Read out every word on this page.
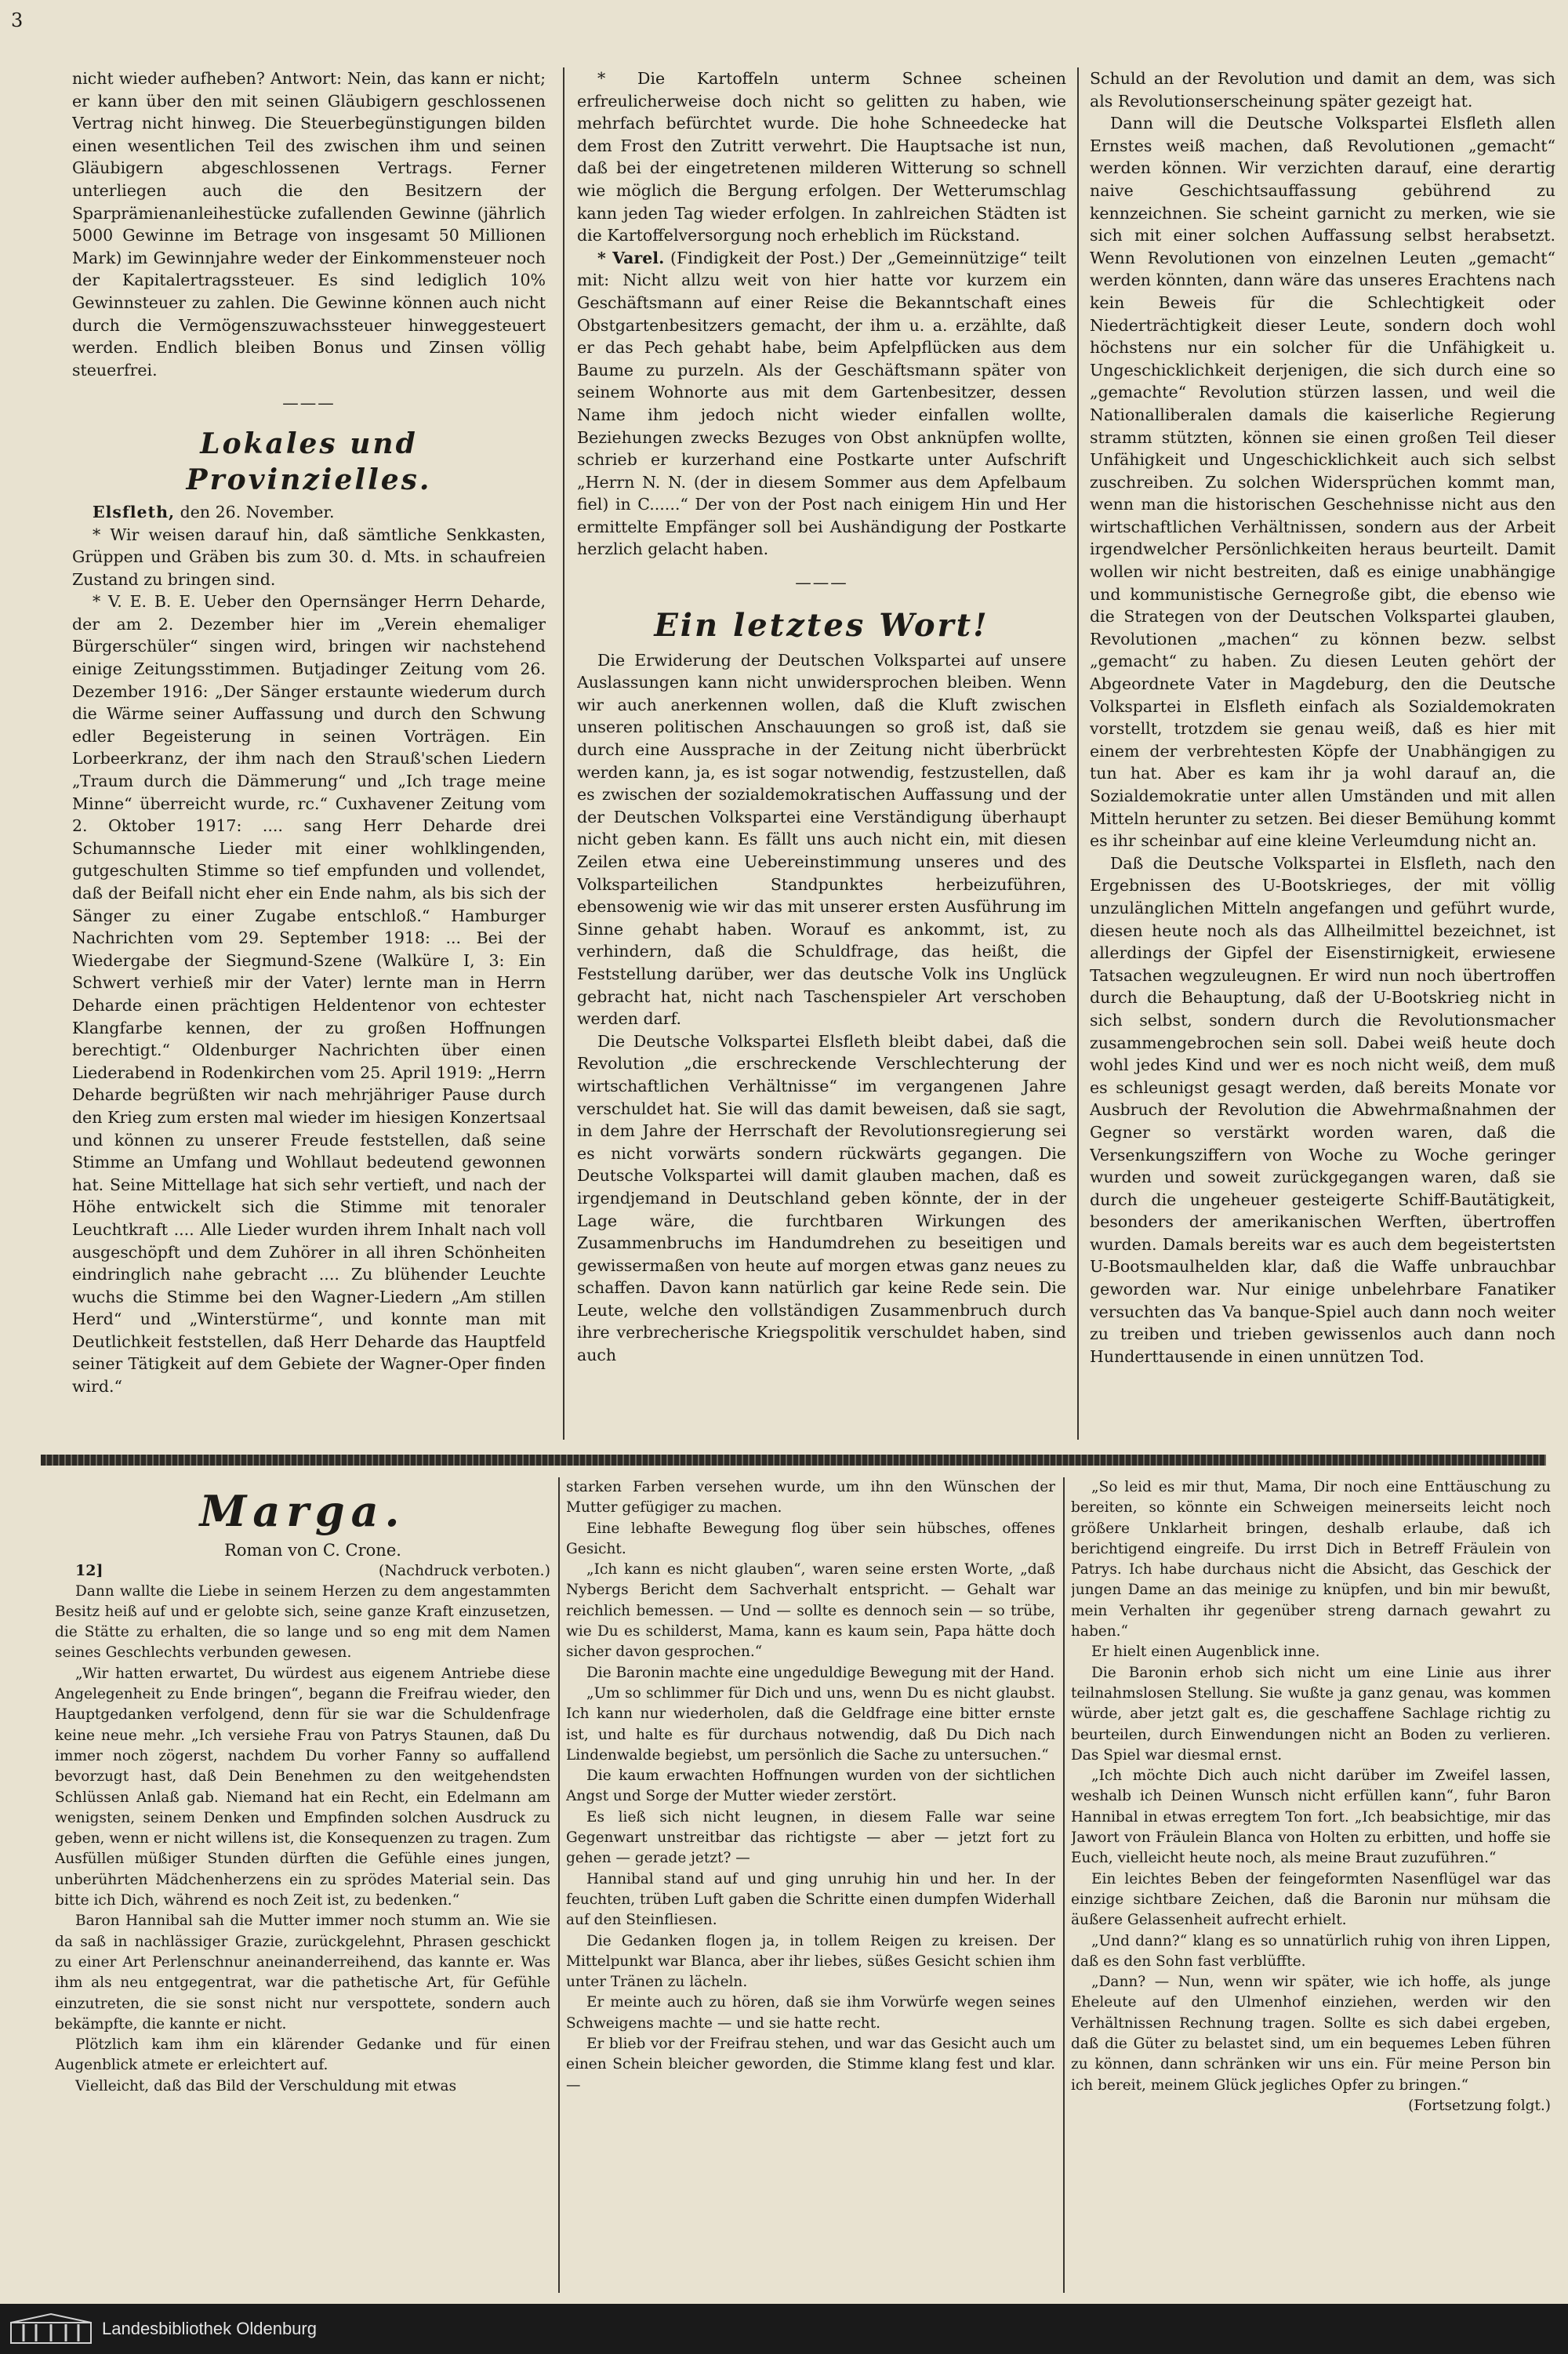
3

nicht wieder aufheben? Antwort: Nein, das kann er nicht; er kann über den mit seinen Gläubigern geschlossenen Vertrag nicht hinweg. Die Steuerbegünstigungen bilden einen wesentlichen Teil des zwischen ihm und seinen Gläubigern abgeschlossenen Vertrags. Ferner unterliegen auch die den Besitzern der Sparprämienanleihestücke zufallenden Gewinne (jährlich 5000 Gewinne im Betrage von insgesamt 50 Millionen Mark) im Gewinnjahre weder der Einkommensteuer noch der Kapitalertragssteuer. Es sind lediglich 10% Gewinnsteuer zu zahlen. Die Gewinne können auch nicht durch die Vermögenszuwachssteuer hinweggesteuert werden. Endlich bleiben Bonus und Zinsen völlig steuerfrei.

———
Lokales und Provinzielles.

Elsfleth, den 26. November.

* Wir weisen darauf hin, daß sämtliche Senkkasten, Grüppen und Gräben bis zum 30. d. Mts. in schaufreien Zustand zu bringen sind.

* V. E. B. E. Ueber den Opernsänger Herrn Deharde, der am 2. Dezember hier im „Verein ehemaliger Bürgerschüler“ singen wird, bringen wir nachstehend einige Zeitungsstimmen. Butjadinger Zeitung vom 26. Dezember 1916: „Der Sänger erstaunte wiederum durch die Wärme seiner Auffassung und durch den Schwung edler Begeisterung in seinen Vorträgen. Ein Lorbeerkranz, der ihm nach den Strauß'schen Liedern „Traum durch die Dämmerung“ und „Ich trage meine Minne“ überreicht wurde, rc.“ Cuxhavener Zeitung vom 2. Oktober 1917: .... sang Herr Deharde drei Schumannsche Lieder mit einer wohlklingenden, gutgeschulten Stimme so tief empfunden und vollendet, daß der Beifall nicht eher ein Ende nahm, als bis sich der Sänger zu einer Zugabe entschloß.“ Hamburger Nachrichten vom 29. September 1918: ... Bei der Wiedergabe der Siegmund-Szene (Walküre I, 3: Ein Schwert verhieß mir der Vater) lernte man in Herrn Deharde einen prächtigen Heldentenor von echtester Klangfarbe kennen, der zu großen Hoffnungen berechtigt.“ Oldenburger Nachrichten über einen Liederabend in Rodenkirchen vom 25. April 1919: „Herrn Deharde begrüßten wir nach mehrjähriger Pause durch den Krieg zum ersten mal wieder im hiesigen Konzertsaal und können zu unserer Freude feststellen, daß seine Stimme an Umfang und Wohllaut bedeutend gewonnen hat. Seine Mittellage hat sich sehr vertieft, und nach der Höhe entwickelt sich die Stimme mit tenoraler Leuchtkraft .... Alle Lieder wurden ihrem Inhalt nach voll ausgeschöpft und dem Zuhörer in all ihren Schönheiten eindringlich nahe gebracht .... Zu blühender Leuchte wuchs die Stimme bei den Wagner-Liedern „Am stillen Herd“ und „Winterstürme“, und konnte man mit Deutlichkeit feststellen, daß Herr Deharde das Hauptfeld seiner Tätigkeit auf dem Gebiete der Wagner-Oper finden wird.“

* Die Kartoffeln unterm Schnee scheinen erfreulicherweise doch nicht so gelitten zu haben, wie mehrfach befürchtet wurde. Die hohe Schneedecke hat dem Frost den Zutritt verwehrt. Die Hauptsache ist nun, daß bei der eingetretenen milderen Witterung so schnell wie möglich die Bergung erfolgen. Der Wetterumschlag kann jeden Tag wieder erfolgen. In zahlreichen Städten ist die Kartoffelversorgung noch erheblich im Rückstand.

* Varel. (Findigkeit der Post.) Der „Gemeinnützige“ teilt mit: Nicht allzu weit von hier hatte vor kurzem ein Geschäftsmann auf einer Reise die Bekanntschaft eines Obstgartenbesitzers gemacht, der ihm u. a. erzählte, daß er das Pech gehabt habe, beim Apfelpflücken aus dem Baume zu purzeln. Als der Geschäftsmann später von seinem Wohnorte aus mit dem Gartenbesitzer, dessen Name ihm jedoch nicht wieder einfallen wollte, Beziehungen zwecks Bezuges von Obst anknüpfen wollte, schrieb er kurzerhand eine Postkarte unter Aufschrift „Herrn N. N. (der in diesem Sommer aus dem Apfelbaum fiel) in C......“ Der von der Post nach einigem Hin und Her ermittelte Empfänger soll bei Aushändigung der Postkarte herzlich gelacht haben.

———
Ein letztes Wort!

Die Erwiderung der Deutschen Volkspartei auf unsere Auslassungen kann nicht unwidersprochen bleiben. Wenn wir auch anerkennen wollen, daß die Kluft zwischen unseren politischen Anschauungen so groß ist, daß sie durch eine Aussprache in der Zeitung nicht überbrückt werden kann, ja, es ist sogar notwendig, festzustellen, daß es zwischen der sozialdemokratischen Auffassung und der der Deutschen Volkspartei eine Verständigung überhaupt nicht geben kann. Es fällt uns auch nicht ein, mit diesen Zeilen etwa eine Uebereinstimmung unseres und des Volksparteilichen Standpunktes herbeizuführen, ebensowenig wie wir das mit unserer ersten Ausführung im Sinne gehabt haben. Worauf es ankommt, ist, zu verhindern, daß die Schuldfrage, das heißt, die Feststellung darüber, wer das deutsche Volk ins Unglück gebracht hat, nicht nach Taschenspieler Art verschoben werden darf.

Die Deutsche Volkspartei Elsfleth bleibt dabei, daß die Revolution „die erschreckende Verschlechterung der wirtschaftlichen Verhältnisse“ im vergangenen Jahre verschuldet hat. Sie will das damit beweisen, daß sie sagt, in dem Jahre der Herrschaft der Revolutionsregierung sei es nicht vorwärts sondern rückwärts gegangen. Die Deutsche Volkspartei will damit glauben machen, daß es irgendjemand in Deutschland geben könnte, der in der Lage wäre, die furchtbaren Wirkungen des Zusammenbruchs im Handumdrehen zu beseitigen und gewissermaßen von heute auf morgen etwas ganz neues zu schaffen. Davon kann natürlich gar keine Rede sein. Die Leute, welche den vollständigen Zusammenbruch durch ihre verbrecherische Kriegspolitik verschuldet haben, sind auch

Schuld an der Revolution und damit an dem, was sich als Revolutionserscheinung später gezeigt hat.

Dann will die Deutsche Volkspartei Elsfleth allen Ernstes weiß machen, daß Revolutionen „gemacht“ werden können. Wir verzichten darauf, eine derartig naive Geschichtsauffassung gebührend zu kennzeichnen. Sie scheint garnicht zu merken, wie sie sich mit einer solchen Auffassung selbst herabsetzt. Wenn Revolutionen von einzelnen Leuten „gemacht“ werden könnten, dann wäre das unseres Erachtens nach kein Beweis für die Schlechtigkeit oder Niederträchtigkeit dieser Leute, sondern doch wohl höchstens nur ein solcher für die Unfähigkeit u. Ungeschicklichkeit derjenigen, die sich durch eine so „gemachte“ Revolution stürzen lassen, und weil die Nationalliberalen damals die kaiserliche Regierung stramm stützten, können sie einen großen Teil dieser Unfähigkeit und Ungeschicklichkeit auch sich selbst zuschreiben. Zu solchen Widersprüchen kommt man, wenn man die historischen Geschehnisse nicht aus den wirtschaftlichen Verhältnissen, sondern aus der Arbeit irgendwelcher Persönlichkeiten heraus beurteilt. Damit wollen wir nicht bestreiten, daß es einige unabhängige und kommunistische Gernegroße gibt, die ebenso wie die Strategen von der Deutschen Volkspartei glauben, Revolutionen „machen“ zu können bezw. selbst „gemacht“ zu haben. Zu diesen Leuten gehört der Abgeordnete Vater in Magdeburg, den die Deutsche Volkspartei in Elsfleth einfach als Sozialdemokraten vorstellt, trotzdem sie genau weiß, daß es hier mit einem der verbrehtesten Köpfe der Unabhängigen zu tun hat. Aber es kam ihr ja wohl darauf an, die Sozialdemokratie unter allen Umständen und mit allen Mitteln herunter zu setzen. Bei dieser Bemühung kommt es ihr scheinbar auf eine kleine Verleumdung nicht an.

Daß die Deutsche Volkspartei in Elsfleth, nach den Ergebnissen des U-Bootskrieges, der mit völlig unzulänglichen Mitteln angefangen und geführt wurde, diesen heute noch als das Allheilmittel bezeichnet, ist allerdings der Gipfel der Eisenstirnigkeit, erwiesene Tatsachen wegzuleugnen. Er wird nun noch übertroffen durch die Behauptung, daß der U-Bootskrieg nicht in sich selbst, sondern durch die Revolutionsmacher zusammengebrochen sein soll. Dabei weiß heute doch wohl jedes Kind und wer es noch nicht weiß, dem muß es schleunigst gesagt werden, daß bereits Monate vor Ausbruch der Revolution die Abwehrmaßnahmen der Gegner so verstärkt worden waren, daß die Versenkungsziffern von Woche zu Woche geringer wurden und soweit zurückgegangen waren, daß sie durch die ungeheuer gesteigerte Schiff-Bautätigkeit, besonders der amerikanischen Werften, übertroffen wurden. Damals bereits war es auch dem begeistertsten U-Bootsmaulhelden klar, daß die Waffe unbrauchbar geworden war. Nur einige unbelehrbare Fanatiker versuchten das Va banque-Spiel auch dann noch weiter zu treiben und trieben gewissenlos auch dann noch Hunderttausende in einen unnützen Tod.

Marga.

Roman von C. Crone.

12]	(Nachdruck verboten.)

Dann wallte die Liebe in seinem Herzen zu dem angestammten Besitz heiß auf und er gelobte sich, seine ganze Kraft einzusetzen, die Stätte zu erhalten, die so lange und so eng mit dem Namen seines Geschlechts verbunden gewesen.

„Wir hatten erwartet, Du würdest aus eigenem Antriebe diese Angelegenheit zu Ende bringen“, begann die Freifrau wieder, den Hauptgedanken verfolgend, denn für sie war die Schuldenfrage keine neue mehr. „Ich versiehe Frau von Patrys Staunen, daß Du immer noch zögerst, nachdem Du vorher Fanny so auffallend bevorzugt hast, daß Dein Benehmen zu den weitgehendsten Schlüssen Anlaß gab. Niemand hat ein Recht, ein Edelmann am wenigsten, seinem Denken und Empfinden solchen Ausdruck zu geben, wenn er nicht willens ist, die Konsequenzen zu tragen. Zum Ausfüllen müßiger Stunden dürften die Gefühle eines jungen, unberührten Mädchenherzens ein zu sprödes Material sein. Das bitte ich Dich, während es noch Zeit ist, zu bedenken.“

Baron Hannibal sah die Mutter immer noch stumm an. Wie sie da saß in nachlässiger Grazie, zurückgelehnt, Phrasen geschickt zu einer Art Perlenschnur aneinanderreihend, das kannte er. Was ihm als neu entgegentrat, war die pathetische Art, für Gefühle einzutreten, die sie sonst nicht nur verspottete, sondern auch bekämpfte, die kannte er nicht.

Plötzlich kam ihm ein klärender Gedanke und für einen Augenblick atmete er erleichtert auf.

Vielleicht, daß das Bild der Verschuldung mit etwas

starken Farben versehen wurde, um ihn den Wünschen der Mutter gefügiger zu machen.

Eine lebhafte Bewegung flog über sein hübsches, offenes Gesicht.

„Ich kann es nicht glauben“, waren seine ersten Worte, „daß Nybergs Bericht dem Sachverhalt entspricht. — Gehalt war reichlich bemessen. — Und — sollte es dennoch sein — so trübe, wie Du es schilderst, Mama, kann es kaum sein, Papa hätte doch sicher davon gesprochen.“

Die Baronin machte eine ungeduldige Bewegung mit der Hand.

„Um so schlimmer für Dich und uns, wenn Du es nicht glaubst. Ich kann nur wiederholen, daß die Geldfrage eine bitter ernste ist, und halte es für durchaus notwendig, daß Du Dich nach Lindenwalde begiebst, um persönlich die Sache zu untersuchen.“

Die kaum erwachten Hoffnungen wurden von der sichtlichen Angst und Sorge der Mutter wieder zerstört.

Es ließ sich nicht leugnen, in diesem Falle war seine Gegenwart unstreitbar das richtigste — aber — jetzt fort zu gehen — gerade jetzt? —

Hannibal stand auf und ging unruhig hin und her. In der feuchten, trüben Luft gaben die Schritte einen dumpfen Widerhall auf den Steinfliesen.

Die Gedanken flogen ja, in tollem Reigen zu kreisen. Der Mittelpunkt war Blanca, aber ihr liebes, süßes Gesicht schien ihm unter Tränen zu lächeln.

Er meinte auch zu hören, daß sie ihm Vorwürfe wegen seines Schweigens machte — und sie hatte recht.

Er blieb vor der Freifrau stehen, und war das Gesicht auch um einen Schein bleicher geworden, die Stimme klang fest und klar. —

„So leid es mir thut, Mama, Dir noch eine Enttäuschung zu bereiten, so könnte ein Schweigen meinerseits leicht noch größere Unklarheit bringen, deshalb erlaube, daß ich berichtigend eingreife. Du irrst Dich in Betreff Fräulein von Patrys. Ich habe durchaus nicht die Absicht, das Geschick der jungen Dame an das meinige zu knüpfen, und bin mir bewußt, mein Verhalten ihr gegenüber streng darnach gewahrt zu haben.“

Er hielt einen Augenblick inne.

Die Baronin erhob sich nicht um eine Linie aus ihrer teilnahmslosen Stellung. Sie wußte ja ganz genau, was kommen würde, aber jetzt galt es, die geschaffene Sachlage richtig zu beurteilen, durch Einwendungen nicht an Boden zu verlieren. Das Spiel war diesmal ernst.

„Ich möchte Dich auch nicht darüber im Zweifel lassen, weshalb ich Deinen Wunsch nicht erfüllen kann“, fuhr Baron Hannibal in etwas erregtem Ton fort. „Ich beabsichtige, mir das Jawort von Fräulein Blanca von Holten zu erbitten, und hoffe sie Euch, vielleicht heute noch, als meine Braut zuzuführen.“

Ein leichtes Beben der feingeformten Nasenflügel war das einzige sichtbare Zeichen, daß die Baronin nur mühsam die äußere Gelassenheit aufrecht erhielt.

„Und dann?“ klang es so unnatürlich ruhig von ihren Lippen, daß es den Sohn fast verblüffte.

„Dann? — Nun, wenn wir später, wie ich hoffe, als junge Eheleute auf den Ulmenhof einziehen, werden wir den Verhältnissen Rechnung tragen. Sollte es sich dabei ergeben, daß die Güter zu belastet sind, um ein bequemes Leben führen zu können, dann schränken wir uns ein. Für meine Person bin ich bereit, meinem Glück jegliches Opfer zu bringen.“

(Fortsetzung folgt.)

Landesbibliothek Oldenburg
